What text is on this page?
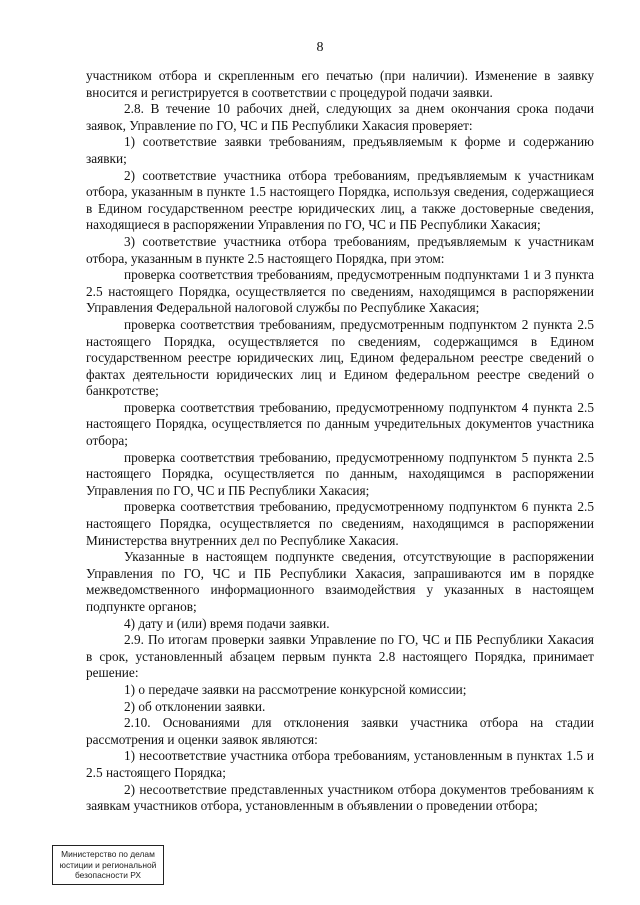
8

участником отбора и скрепленным его печатью (при наличии). Изменение в заявку вносится и регистрируется в соответствии с процедурой подачи заявки.

2.8. В течение 10 рабочих дней, следующих за днем окончания срока подачи заявок, Управление по ГО, ЧС и ПБ Республики Хакасия проверяет:

1) соответствие заявки требованиям, предъявляемым к форме и содержанию заявки;

2) соответствие участника отбора требованиям, предъявляемым к участникам отбора, указанным в пункте 1.5 настоящего Порядка, используя сведения, содержащиеся в Едином государственном реестре юридических лиц, а также достоверные сведения, находящиеся в распоряжении Управления по ГО, ЧС и ПБ Республики Хакасия;

3) соответствие участника отбора требованиям, предъявляемым к участникам отбора, указанным в пункте 2.5 настоящего Порядка, при этом:

проверка соответствия требованиям, предусмотренным подпунктами 1 и 3 пункта 2.5 настоящего Порядка, осуществляется по сведениям, находящимся в распоряжении Управления Федеральной налоговой службы по Республике Хакасия;

проверка соответствия требованиям, предусмотренным подпунктом 2 пункта 2.5 настоящего Порядка, осуществляется по сведениям, содержащимся в Едином государственном реестре юридических лиц, Едином федеральном реестре сведений о фактах деятельности юридических лиц и Едином федеральном реестре сведений о банкротстве;

проверка соответствия требованию, предусмотренному подпунктом 4 пункта 2.5 настоящего Порядка, осуществляется по данным учредительных документов участника отбора;

проверка соответствия требованию, предусмотренному подпунктом 5 пункта 2.5 настоящего Порядка, осуществляется по данным, находящимся в распоряжении Управления по ГО, ЧС и ПБ Республики Хакасия;

проверка соответствия требованию, предусмотренному подпунктом 6 пункта 2.5 настоящего Порядка, осуществляется по сведениям, находящимся в распоряжении Министерства внутренних дел по Республике Хакасия.

Указанные в настоящем подпункте сведения, отсутствующие в распоряжении Управления по ГО, ЧС и ПБ Республики Хакасия, запрашиваются им в порядке межведомственного информационного взаимодействия у указанных в настоящем подпункте органов;

4) дату и (или) время подачи заявки.

2.9. По итогам проверки заявки Управление по ГО, ЧС и ПБ Республики Хакасия в срок, установленный абзацем первым пункта 2.8 настоящего Порядка, принимает решение:

1) о передаче заявки на рассмотрение конкурсной комиссии;

2) об отклонении заявки.

2.10. Основаниями для отклонения заявки участника отбора на стадии рассмотрения и оценки заявок являются:

1) несоответствие участника отбора требованиям, установленным в пунктах 1.5 и 2.5 настоящего Порядка;

2) несоответствие представленных участником отбора документов требованиям к заявкам участников отбора, установленным в объявлении о проведении отбора;

Министерство по делам
юстиции и региональной
безопасности РХ
